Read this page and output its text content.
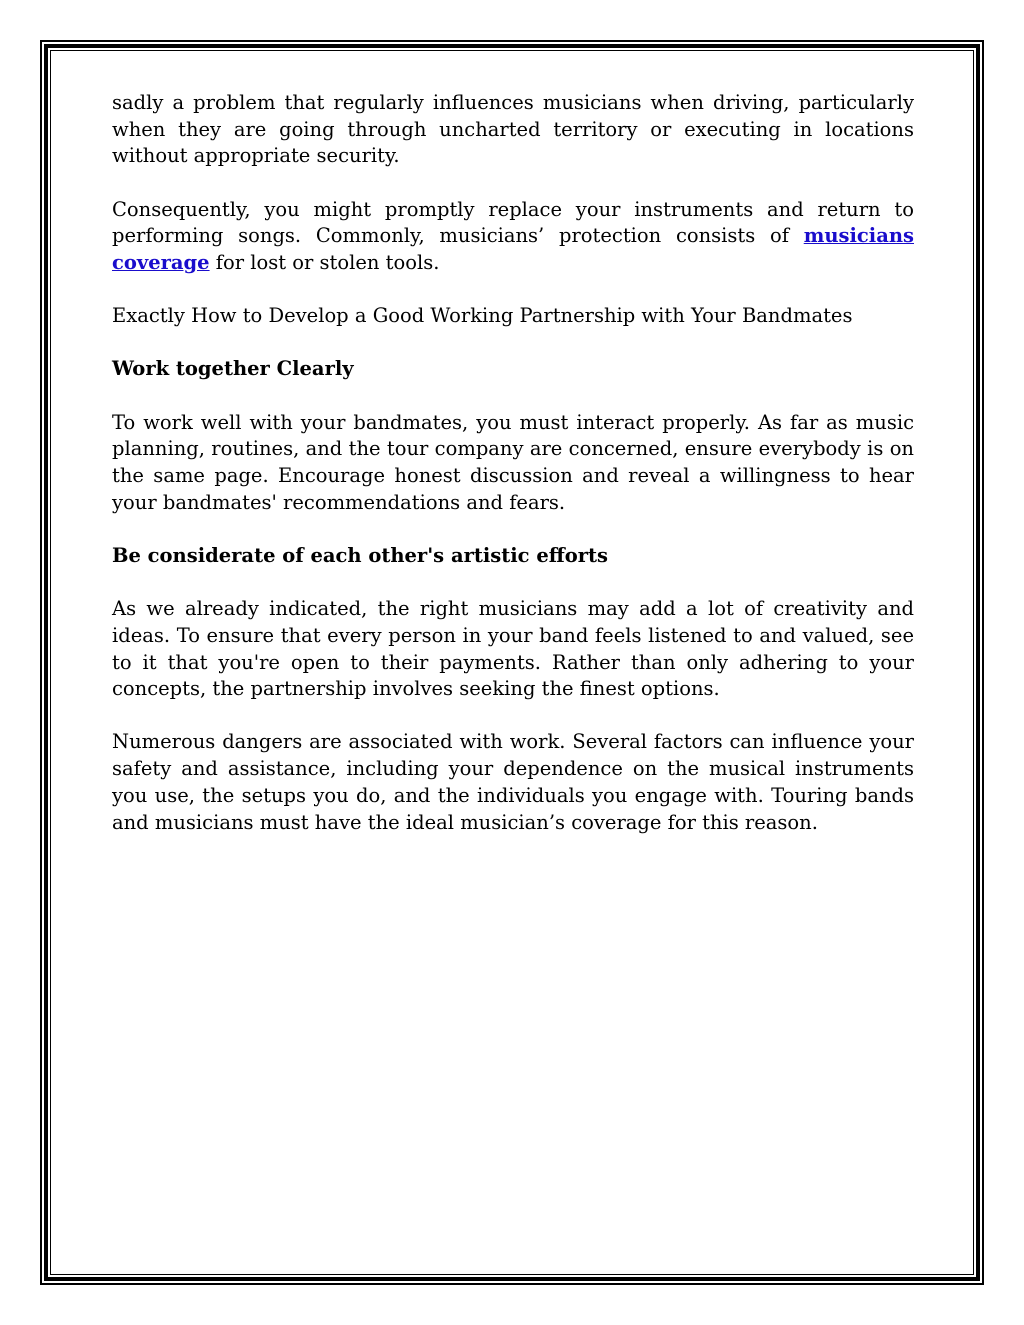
sadly a problem that regularly influences musicians when driving, particularly when they are going through uncharted territory or executing in locations without appropriate security.

Consequently, you might promptly replace your instruments and return to performing songs. Commonly, musicians’ protection consists of musicians coverage for lost or stolen tools.

Exactly How to Develop a Good Working Partnership with Your Bandmates

Work together Clearly

To work well with your bandmates, you must interact properly. As far as music planning, routines, and the tour company are concerned, ensure everybody is on the same page. Encourage honest discussion and reveal a willingness to hear your bandmates' recommendations and fears.

Be considerate of each other's artistic efforts

As we already indicated, the right musicians may add a lot of creativity and ideas. To ensure that every person in your band feels listened to and valued, see to it that you're open to their payments. Rather than only adhering to your concepts, the partnership involves seeking the finest options.

Numerous dangers are associated with work. Several factors can influence your safety and assistance, including your dependence on the musical instruments you use, the setups you do, and the individuals you engage with. Touring bands and musicians must have the ideal musician’s coverage for this reason.
